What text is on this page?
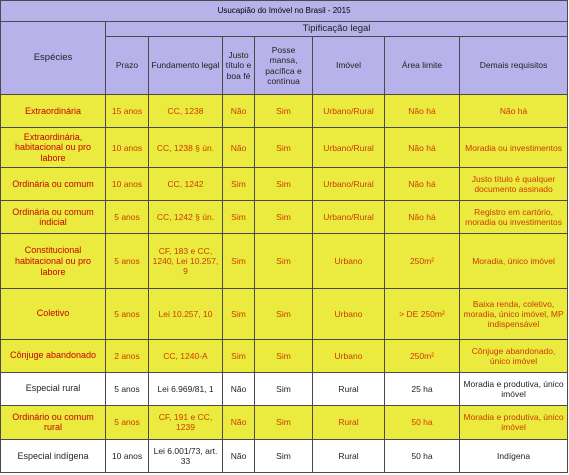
Usucapião do Imóvel no Brasil - 2015							
Espécies	Tipificação legal						
	Prazo	Fundamento legal	Justo título e boa fé	Posse mansa, pacífica e contínua	Imóvel	Área limite	Demais requisitos
Extraordinária	15 anos	CC, 1238	Não	Sim	Urbano/Rural	Não há	Não há
Extraordinária, habitacional ou pro labore	10 anos	CC, 1238 § ún.	Não	Sim	Urbano/Rural	Não há	Moradia ou investimentos
Ordinária ou comum	10 anos	CC, 1242	Sim	Sim	Urbano/Rural	Não há	Justo título é qualquer documento assinado
Ordinária ou comum indicial	5 anos	CC, 1242 § ún.	Sim	Sim	Urbano/Rural	Não há	Registro em cartório, moradia ou investimentos
Constitucional habitacional ou pro labore	5 anos	CF, 183 e CC, 1240, Lei 10.257, 9	Sim	Sim	Urbano	250m²	Moradia, único imóvel
Coletivo	5 anos	Lei 10.257, 10	Sim	Sim	Urbano	> DE 250m²	Baixa renda, coletivo, moradia, único imóvel, MP indispensável
Cônjuge abandonado	2 anos	CC, 1240-A	Sim	Sim	Urbano	250m²	Cônjuge abandonado, único imóvel
Especial rural	5 anos	Lei 6.969/81, 1	Não	Sim	Rural	25 ha	Moradia e produtiva, único imóvel
Ordinário ou comum rural	5 anos	CF, 191 e CC, 1239	Não	Sim	Rural	50 ha	Moradia e produtiva, único imóvel
Especial indígena	10 anos	Lei 6.001/73, art. 33	Não	Sim	Rural	50 ha	Indígena
